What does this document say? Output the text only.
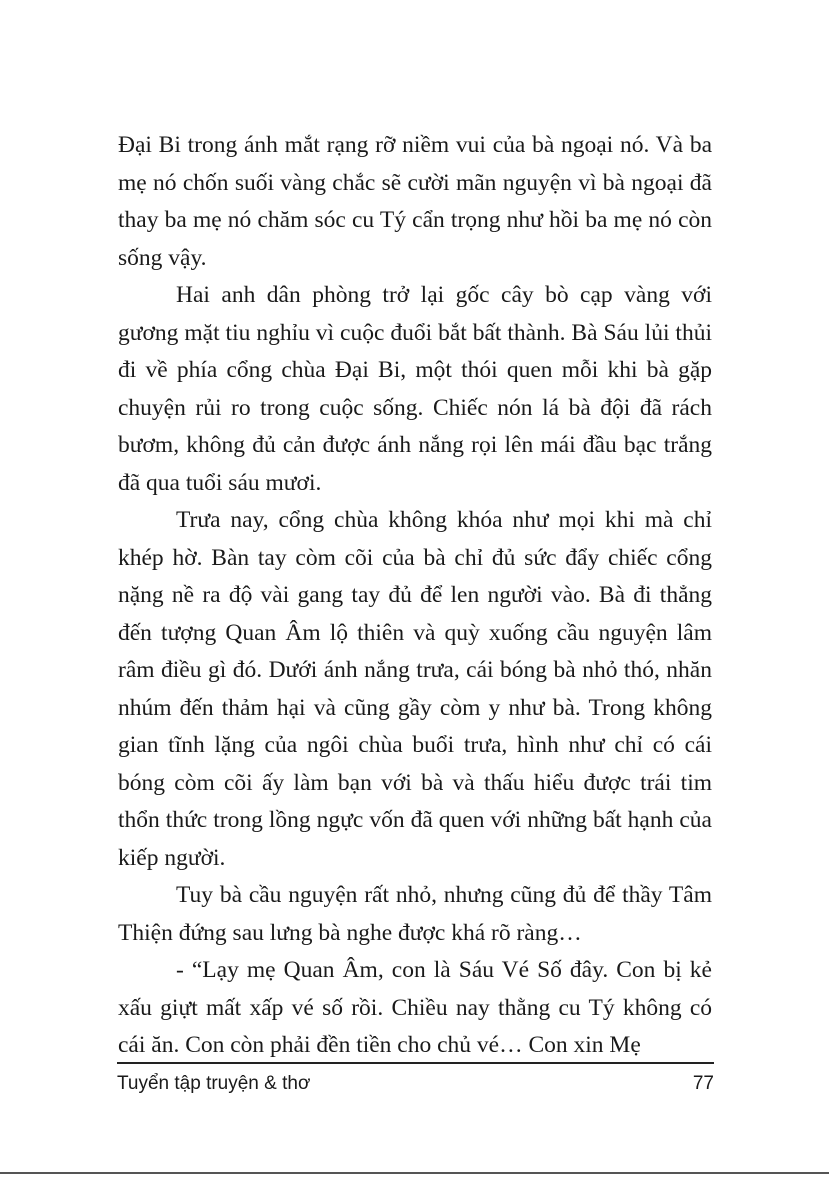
Đại Bi trong ánh mắt rạng rỡ niềm vui của bà ngoại nó. Và ba mẹ nó chốn suối vàng chắc sẽ cười mãn nguyện vì bà ngoại đã thay ba mẹ nó chăm sóc cu Tý cẩn trọng như hồi ba mẹ nó còn sống vậy.

Hai anh dân phòng trở lại gốc cây bò cạp vàng với gương mặt tiu nghỉu vì cuộc đuổi bắt bất thành. Bà Sáu lủi thủi đi về phía cổng chùa Đại Bi, một thói quen mỗi khi bà gặp chuyện rủi ro trong cuộc sống. Chiếc nón lá bà đội đã rách bươm, không đủ cản được ánh nắng rọi lên mái đầu bạc trắng đã qua tuổi sáu mươi.

Trưa nay, cổng chùa không khóa như mọi khi mà chỉ khép hờ. Bàn tay còm cõi của bà chỉ đủ sức đẩy chiếc cổng nặng nề ra độ vài gang tay đủ để len người vào. Bà đi thẳng đến tượng Quan Âm lộ thiên và quỳ xuống cầu nguyện lâm râm điều gì đó. Dưới ánh nắng trưa, cái bóng bà nhỏ thó, nhăn nhúm đến thảm hại và cũng gầy còm y như bà. Trong không gian tĩnh lặng của ngôi chùa buổi trưa, hình như chỉ có cái bóng còm cõi ấy làm bạn với bà và thấu hiểu được trái tim thổn thức trong lồng ngực vốn đã quen với những bất hạnh của kiếp người.

Tuy bà cầu nguyện rất nhỏ, nhưng cũng đủ để thầy Tâm Thiện đứng sau lưng bà nghe được khá rõ ràng…

- “Lạy mẹ Quan Âm, con là Sáu Vé Số đây. Con bị kẻ xấu giựt mất xấp vé số rồi. Chiều nay thằng cu Tý không có cái ăn. Con còn phải đền tiền cho chủ vé… Con xin Mẹ

Tuyển tập truyện & thơ	77
